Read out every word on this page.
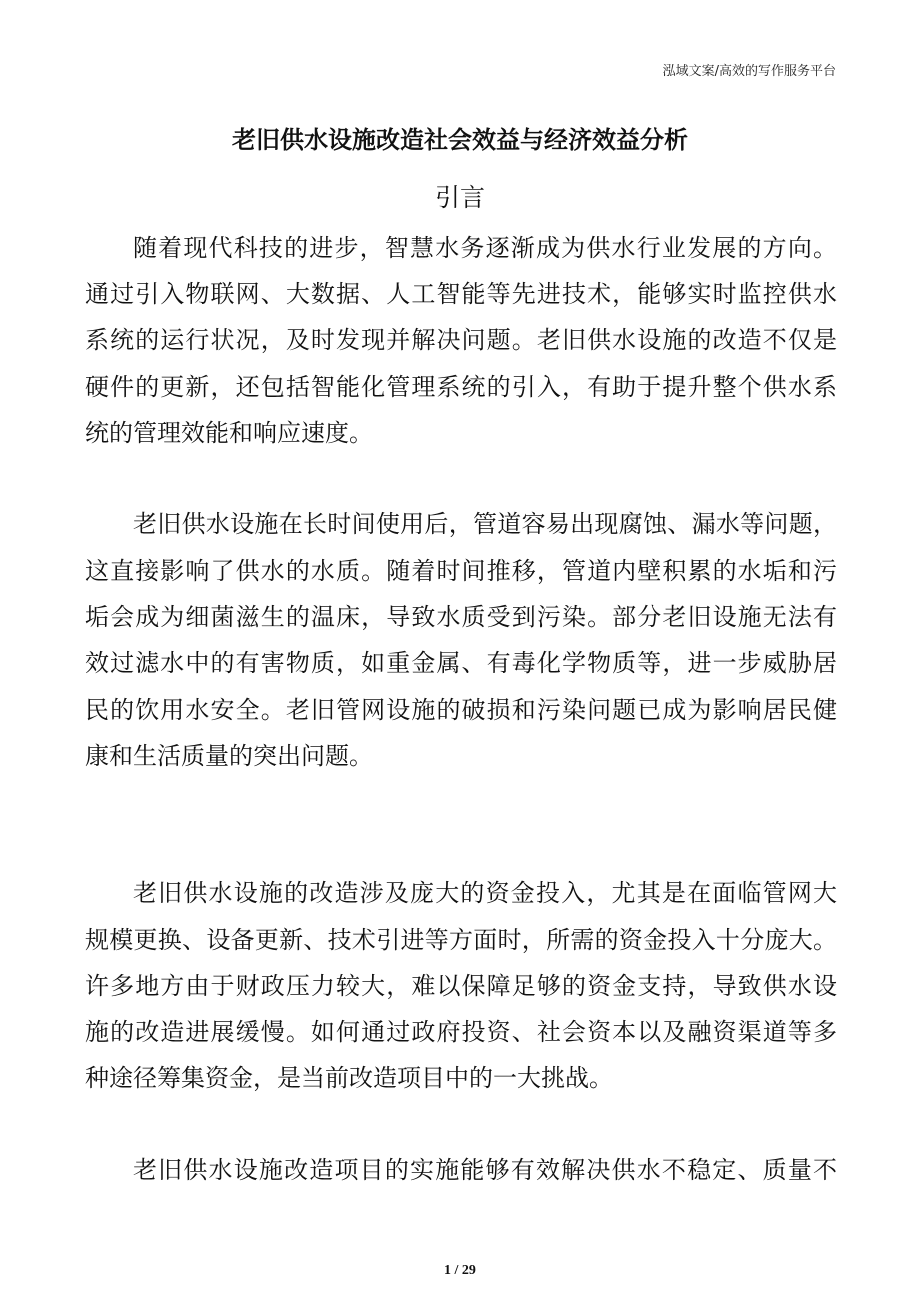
泓域文案/高效的写作服务平台
老旧供水设施改造社会效益与经济效益分析
引言
随着现代科技的进步，智慧水务逐渐成为供水行业发展的方向。
通过引入物联网、大数据、人工智能等先进技术，能够实时监控供水
系统的运行状况，及时发现并解决问题。老旧供水设施的改造不仅是
硬件的更新，还包括智能化管理系统的引入，有助于提升整个供水系
统的管理效能和响应速度。
老旧供水设施在长时间使用后，管道容易出现腐蚀、漏水等问题，
这直接影响了供水的水质。随着时间推移，管道内壁积累的水垢和污
垢会成为细菌滋生的温床，导致水质受到污染。部分老旧设施无法有
效过滤水中的有害物质，如重金属、有毒化学物质等，进一步威胁居
民的饮用水安全。老旧管网设施的破损和污染问题已成为影响居民健
康和生活质量的突出问题。
老旧供水设施的改造涉及庞大的资金投入，尤其是在面临管网大
规模更换、设备更新、技术引进等方面时，所需的资金投入十分庞大。
许多地方由于财政压力较大，难以保障足够的资金支持，导致供水设
施的改造进展缓慢。如何通过政府投资、社会资本以及融资渠道等多
种途径筹集资金，是当前改造项目中的一大挑战。
老旧供水设施改造项目的实施能够有效解决供水不稳定、质量不
1 / 29
